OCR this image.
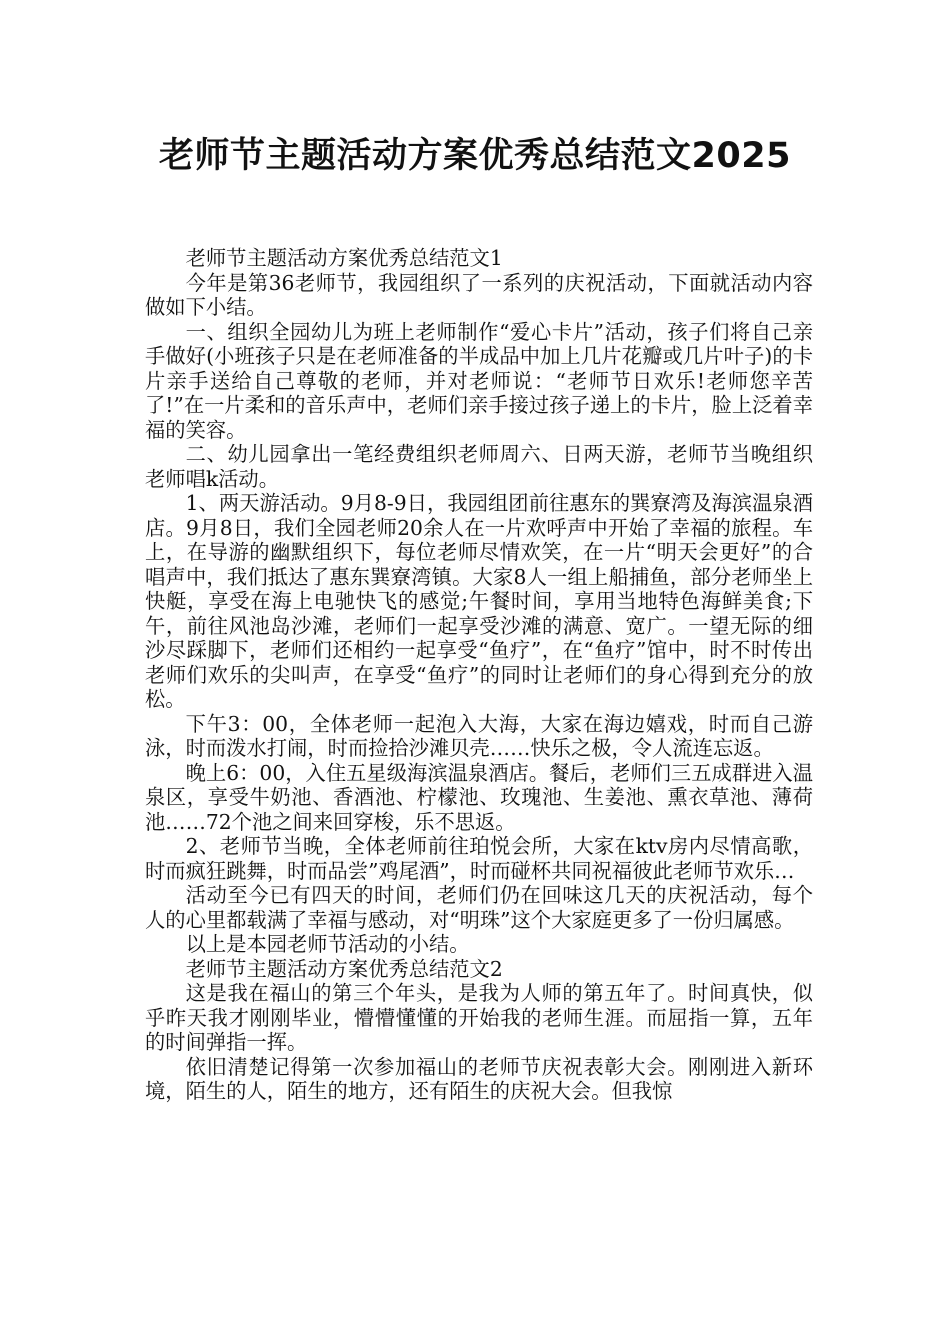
老师节主题活动方案优秀总结范文2025

老师节主题活动方案优秀总结范文1

今年是第36老师节，我园组织了一系列的庆祝活动，下面就活动内容做如下小结。

一、组织全园幼儿为班上老师制作“爱心卡片”活动，孩子们将自己亲手做好(小班孩子只是在老师准备的半成品中加上几片花瓣或几片叶子)的卡片亲手送给自己尊敬的老师，并对老师说：“老师节日欢乐!老师您辛苦了!”在一片柔和的音乐声中，老师们亲手接过孩子递上的卡片，脸上泛着幸福的笑容。

二、幼儿园拿出一笔经费组织老师周六、日两天游，老师节当晚组织老师唱k活动。

1、两天游活动。9月8-9日，我园组团前往惠东的巽寮湾及海滨温泉酒店。9月8日，我们全园老师20余人在一片欢呼声中开始了幸福的旅程。车上，在导游的幽默组织下，每位老师尽情欢笑，在一片“明天会更好”的合唱声中，我们抵达了惠东巽寮湾镇。大家8人一组上船捕鱼，部分老师坐上快艇，享受在海上电驰快飞的感觉;午餐时间，享用当地特色海鲜美食;下午，前往风池岛沙滩，老师们一起享受沙滩的满意、宽广。一望无际的细沙尽踩脚下，老师们还相约一起享受“鱼疗”，在“鱼疗”馆中，时不时传出老师们欢乐的尖叫声，在享受“鱼疗”的同时让老师们的身心得到充分的放松。

下午3：00，全体老师一起泡入大海，大家在海边嬉戏，时而自己游泳，时而泼水打闹，时而捡拾沙滩贝壳……快乐之极，令人流连忘返。

晚上6：00，入住五星级海滨温泉酒店。餐后，老师们三五成群进入温泉区，享受牛奶池、香酒池、柠檬池、玫瑰池、生姜池、熏衣草池、薄荷池……72个池之间来回穿梭，乐不思返。

2、老师节当晚，全体老师前往珀悦会所，大家在ktv房内尽情高歌，时而疯狂跳舞，时而品尝”鸡尾酒”，时而碰杯共同祝福彼此老师节欢乐…

活动至今已有四天的时间，老师们仍在回味这几天的庆祝活动，每个人的心里都载满了幸福与感动，对“明珠”这个大家庭更多了一份归属感。

以上是本园老师节活动的小结。

老师节主题活动方案优秀总结范文2

这是我在福山的第三个年头，是我为人师的第五年了。时间真快，似乎昨天我才刚刚毕业，懵懵懂懂的开始我的老师生涯。而屈指一算，五年的时间弹指一挥。

依旧清楚记得第一次参加福山的老师节庆祝表彰大会。刚刚进入新环境，陌生的人，陌生的地方，还有陌生的庆祝大会。但我惊
